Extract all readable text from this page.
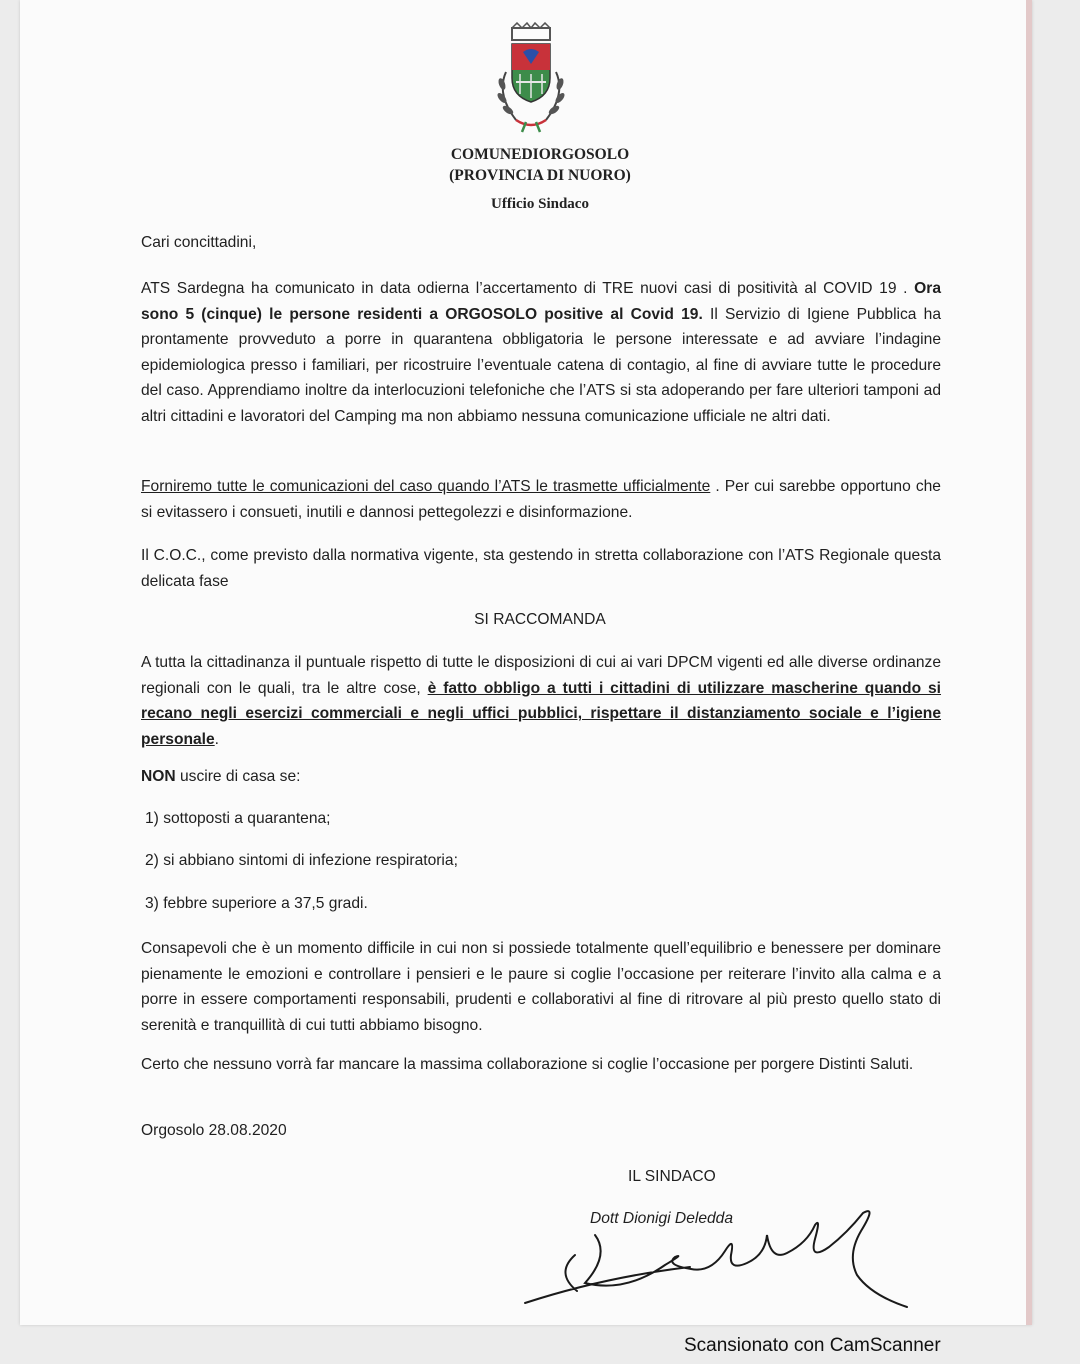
COMUNEDIORGOSOLO
(PROVINCIA DI NUORO)
Ufficio Sindaco
Cari concittadini,
ATS Sardegna ha comunicato in data odierna l’accertamento di TRE nuovi casi di positività al COVID 19 . Ora sono 5 (cinque) le persone residenti a ORGOSOLO positive al Covid 19. Il Servizio di Igiene Pubblica ha prontamente provveduto a porre in quarantena obbligatoria le persone interessate e ad avviare l’indagine epidemiologica presso i familiari, per ricostruire l’eventuale catena di contagio, al fine di avviare tutte le procedure del caso. Apprendiamo inoltre da interlocuzioni telefoniche che l’ATS si sta adoperando per fare ulteriori tamponi ad altri cittadini e lavoratori del Camping ma non abbiamo nessuna comunicazione ufficiale ne altri dati.
Forniremo tutte le comunicazioni del caso quando l’ATS le trasmette ufficialmente . Per cui sarebbe opportuno che si evitassero i consueti, inutili e dannosi pettegolezzi e disinformazione.
Il C.O.C., come previsto dalla normativa vigente, sta gestendo in stretta collaborazione con l’ATS Regionale questa delicata fase
SI RACCOMANDA
A tutta la cittadinanza il puntuale rispetto di tutte le disposizioni di cui ai vari DPCM vigenti ed alle diverse ordinanze regionali con le quali, tra le altre cose, è fatto obbligo a tutti i cittadini di utilizzare mascherine quando si recano negli esercizi commerciali e negli uffici pubblici, rispettare il distanziamento sociale e l’igiene personale.
NON uscire di casa se:
1) sottoposti a quarantena;
2) si abbiano sintomi di infezione respiratoria;
3) febbre superiore a 37,5 gradi.
Consapevoli che è un momento difficile in cui non si possiede totalmente quell’equilibrio e benessere per dominare pienamente le emozioni e controllare i pensieri e le paure si coglie l’occasione per reiterare l’invito alla calma e a porre in essere comportamenti responsabili, prudenti e collaborativi al fine di ritrovare al più presto quello stato di serenità e tranquillità di cui tutti abbiamo bisogno.
Certo che nessuno vorrà far mancare la massima collaborazione si coglie l’occasione per porgere Distinti Saluti.
Orgosolo 28.08.2020
IL SINDACO
Dott Dionigi Deledda
Scansionato con CamScanner
